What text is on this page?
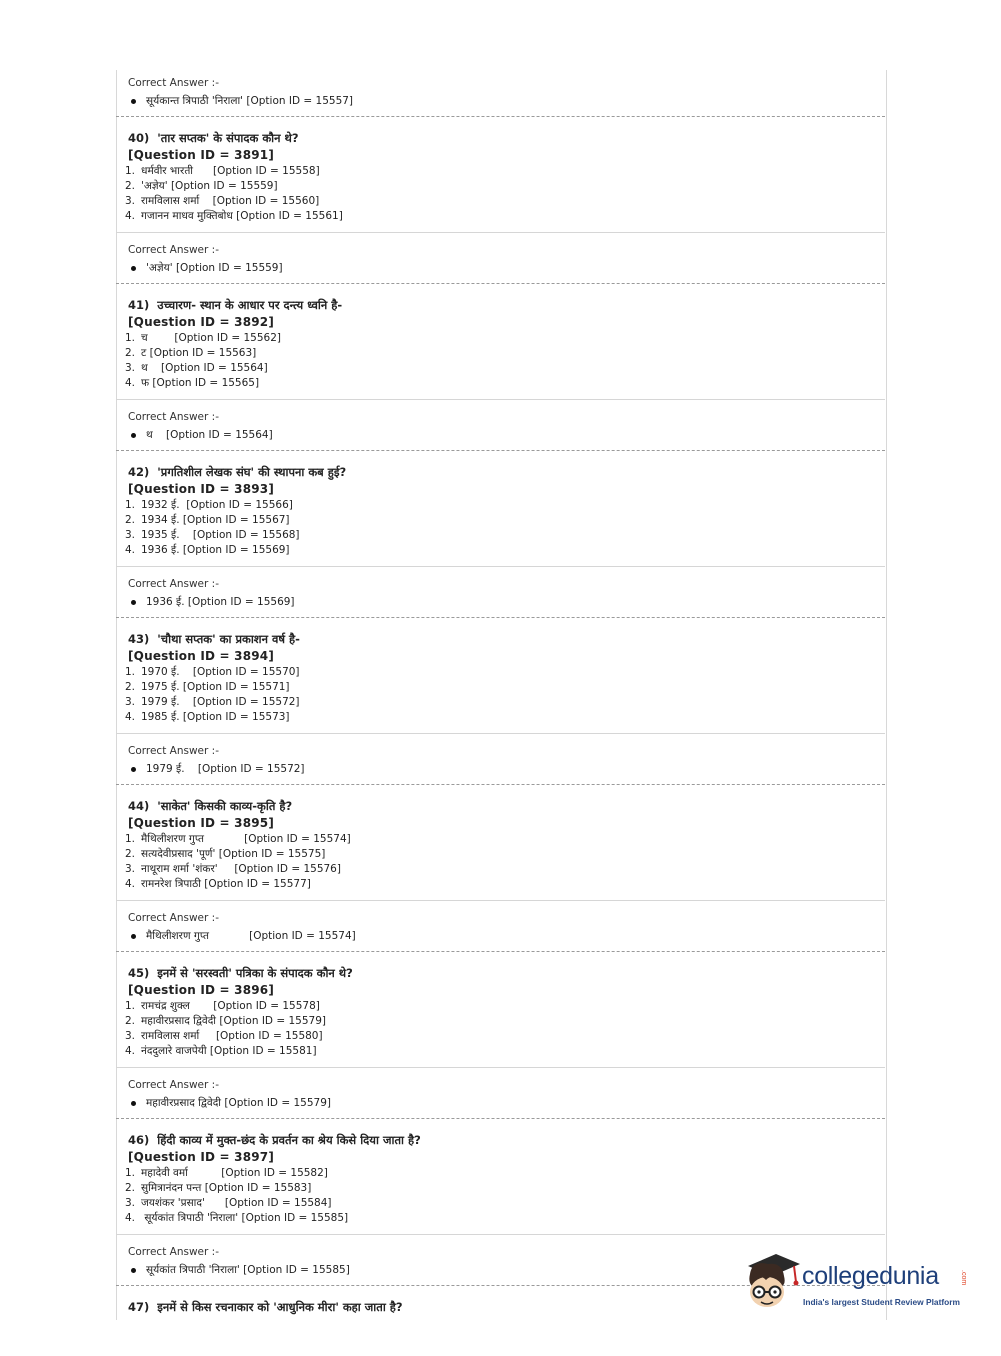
Correct Answer :-
सूर्यकान्त त्रिपाठी 'निराला' [Option ID = 15557]
40) 'तार सप्तक' के संपादक कौन थे?
[Question ID = 3891]
1. धर्मवीर भारती      [Option ID = 15558]
2. 'अज्ञेय' [Option ID = 15559]
3. रामविलास शर्मा    [Option ID = 15560]
4. गजानन माधव मुक्तिबोध [Option ID = 15561]
Correct Answer :-
'अज्ञेय' [Option ID = 15559]
41) उच्चारण- स्थान के आधार पर दन्त्य ध्वनि है-
[Question ID = 3892]
1. च        [Option ID = 15562]
2. ट [Option ID = 15563]
3. थ    [Option ID = 15564]
4. फ [Option ID = 15565]
Correct Answer :-
थ    [Option ID = 15564]
42) 'प्रगतिशील लेखक संघ' की स्थापना कब हुई?
[Question ID = 3893]
1. 1932 ई.  [Option ID = 15566]
2. 1934 ई. [Option ID = 15567]
3. 1935 ई.    [Option ID = 15568]
4. 1936 ई. [Option ID = 15569]
Correct Answer :-
1936 ई. [Option ID = 15569]
43) 'चौथा सप्तक' का प्रकाशन वर्ष है-
[Question ID = 3894]
1. 1970 ई.    [Option ID = 15570]
2. 1975 ई. [Option ID = 15571]
3. 1979 ई.    [Option ID = 15572]
4. 1985 ई. [Option ID = 15573]
Correct Answer :-
1979 ई.    [Option ID = 15572]
44) 'साकेत' किसकी काव्य-कृति है?
[Question ID = 3895]
1. मैथिलीशरण गुप्त            [Option ID = 15574]
2. सत्यदेवीप्रसाद 'पूर्ण' [Option ID = 15575]
3. नाथूराम शर्मा 'शंकर'     [Option ID = 15576]
4. रामनरेश त्रिपाठी [Option ID = 15577]
Correct Answer :-
मैथिलीशरण गुप्त            [Option ID = 15574]
45) इनमें से 'सरस्वती' पत्रिका के संपादक कौन थे?
[Question ID = 3896]
1. रामचंद्र शुक्ल       [Option ID = 15578]
2. महावीरप्रसाद द्विवेदी [Option ID = 15579]
3. रामविलास शर्मा     [Option ID = 15580]
4. नंददुलारे वाजपेयी [Option ID = 15581]
Correct Answer :-
महावीरप्रसाद द्विवेदी [Option ID = 15579]
46) हिंदी काव्य में मुक्त-छंद के प्रवर्तन का श्रेय किसे दिया जाता है?
[Question ID = 3897]
1. महादेवी वर्मा          [Option ID = 15582]
2. सुमित्रानंदन पन्त [Option ID = 15583]
3. जयशंकर 'प्रसाद'      [Option ID = 15584]
4. सूर्यकांत त्रिपाठी 'निराला' [Option ID = 15585]
Correct Answer :-
सूर्यकांत त्रिपाठी 'निराला' [Option ID = 15585]
47) इनमें से किस रचनाकार को 'आधुनिक मीरा' कहा जाता है?
collegedunia	.com
India's largest Student Review Platform
